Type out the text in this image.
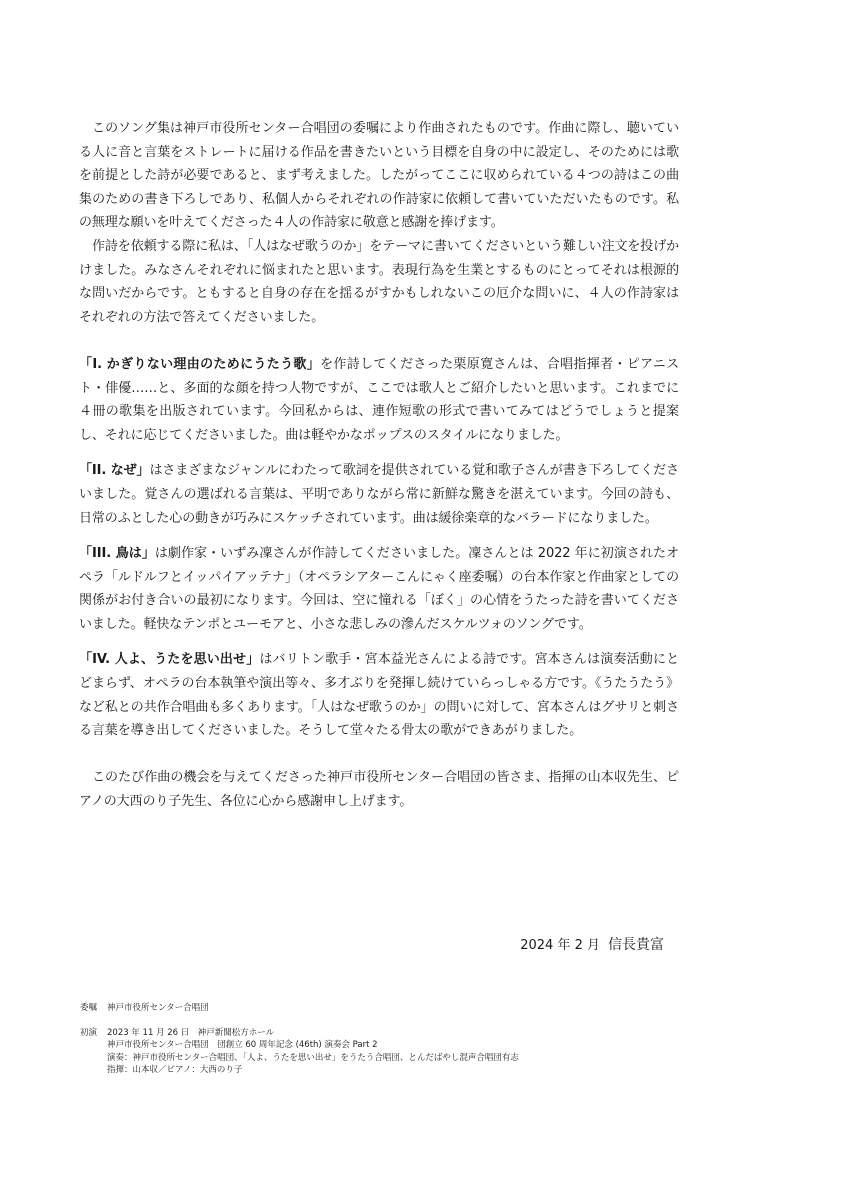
このソング集は神戸市役所センター合唱団の委嘱により作曲されたものです。作曲に際し、聴いている人に音と言葉をストレートに届ける作品を書きたいという目標を自身の中に設定し、そのためには歌を前提とした詩が必要であると、まず考えました。したがってここに収められている４つの詩はこの曲集のための書き下ろしであり、私個人からそれぞれの作詩家に依頼して書いていただいたものです。私の無理な願いを叶えてくださった４人の作詩家に敬意と感謝を捧げます。

作詩を依頼する際に私は、「人はなぜ歌うのか」をテーマに書いてくださいという難しい注文を投げかけました。みなさんそれぞれに悩まれたと思います。表現行為を生業とするものにとってそれは根源的な問いだからです。ともすると自身の存在を揺るがすかもしれないこの厄介な問いに、４人の作詩家はそれぞれの方法で答えてくださいました。

「I. かぎりない理由のためにうたう歌」を作詩してくださった栗原寛さんは、合唱指揮者・ピアニスト・俳優……と、多面的な顔を持つ人物ですが、ここでは歌人とご紹介したいと思います。これまでに４冊の歌集を出版されています。今回私からは、連作短歌の形式で書いてみてはどうでしょうと提案し、それに応じてくださいました。曲は軽やかなポップスのスタイルになりました。

「II. なぜ」はさまざまなジャンルにわたって歌詞を提供されている覚和歌子さんが書き下ろしてくださいました。覚さんの選ばれる言葉は、平明でありながら常に新鮮な驚きを湛えています。今回の詩も、日常のふとした心の動きが巧みにスケッチされています。曲は緩徐楽章的なバラードになりました。

「III. 鳥は」は劇作家・いずみ凜さんが作詩してくださいました。凜さんとは 2022 年に初演されたオペラ「ルドルフとイッパイアッテナ」（オペラシアターこんにゃく座委嘱）の台本作家と作曲家としての関係がお付き合いの最初になります。今回は、空に憧れる「ぼく」の心情をうたった詩を書いてくださいました。軽快なテンポとユーモアと、小さな悲しみの滲んだスケルツォのソングです。

「IV. 人よ、うたを思い出せ」はバリトン歌手・宮本益光さんによる詩です。宮本さんは演奏活動にとどまらず、オペラの台本執筆や演出等々、多才ぶりを発揮し続けていらっしゃる方です。《うたうたう》など私との共作合唱曲も多くあります。「人はなぜ歌うのか」の問いに対して、宮本さんはグサリと刺さる言葉を導き出してくださいました。そうして堂々たる骨太の歌ができあがりました。

このたび作曲の機会を与えてくださった神戸市役所センター合唱団の皆さま、指揮の山本収先生、ピアノの大西のり子先生、各位に心から感謝申し上げます。

2024 年 2 月 信長貴富
委嘱	神戸市役所センター合唱団
初演	2023 年 11 月 26 日　神戸新聞松方ホール
神戸市役所センター合唱団　団創立 60 周年記念 (46th) 演奏会 Part 2
演奏：神戸市役所センター合唱団、「人よ、うたを思い出せ」をうたう合唱団、とんだばやし混声合唱団有志
指揮：山本収／ピアノ：大西のり子
